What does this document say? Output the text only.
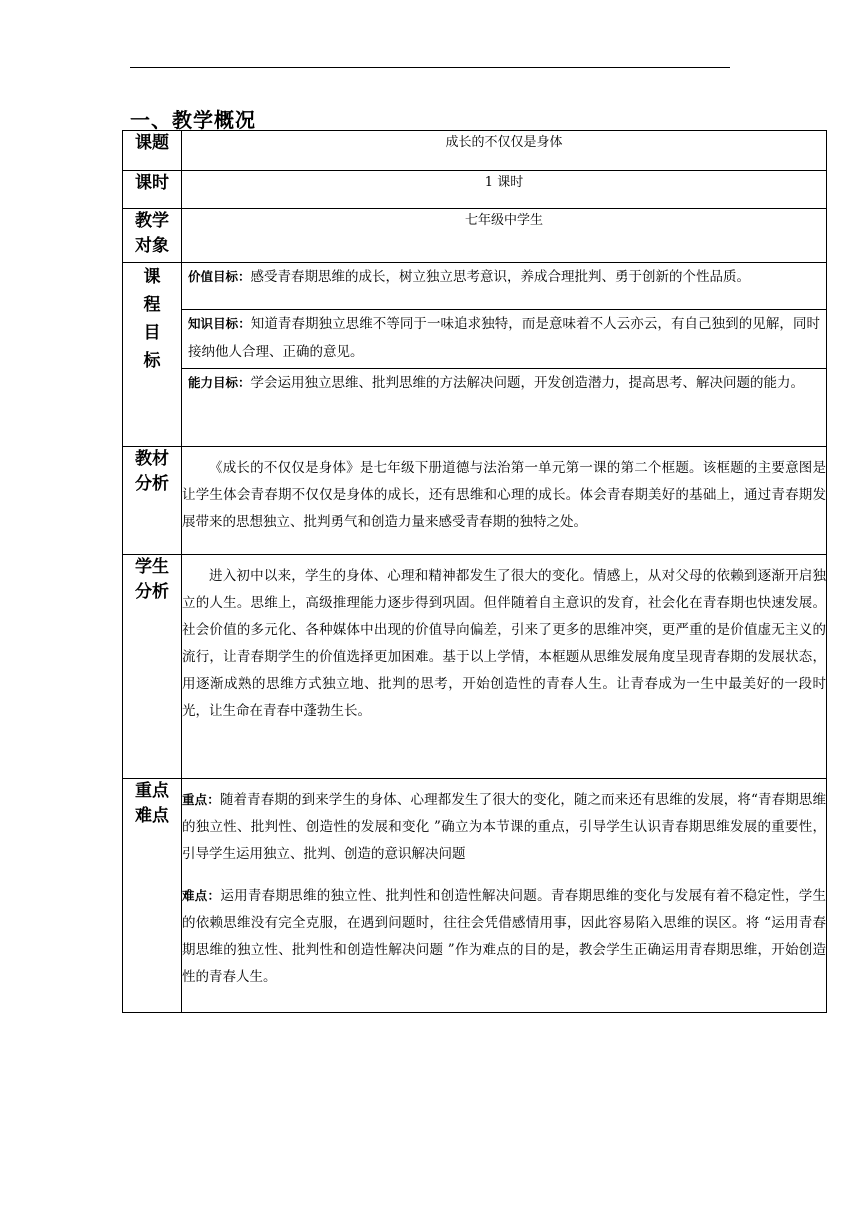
一、教学概况
课题	成长的不仅仅是身体
课时	1 课时
教学对象	七年级中学生
课程目标	价值目标：感受青春期思维的成长，树立独立思考意识，养成合理批判、勇于创新的个性品质。
知识目标：知道青春期独立思维不等同于一味追求独特，而是意味着不人云亦云，有自己独到的见解，同时接纳他人合理、正确的意见。
能力目标：学会运用独立思维、批判思维的方法解决问题，开发创造潜力，提高思考、解决问题的能力。

教材分析	《成长的不仅仅是身体》是七年级下册道德与法治第一单元第一课的第二个框题。该框题的主要意图是让学生体会青春期不仅仅是身体的成长，还有思维和心理的成长。体会青春期美好的基础上，通过青春期发展带来的思想独立、批判勇气和创造力量来感受青春期的独特之处。

学生分析	进入初中以来，学生的身体、心理和精神都发生了很大的变化。情感上，从对父母的依赖到逐渐开启独立的人生。思维上，高级推理能力逐步得到巩固。但伴随着自主意识的发育，社会化在青春期也快速发展。社会价值的多元化、各种媒体中出现的价值导向偏差，引来了更多的思维冲突，更严重的是价值虚无主义的流行，让青春期学生的价值选择更加困难。基于以上学情，本框题从思维发展角度呈现青春期的发展状态，用逐渐成熟的思维方式独立地、批判的思考，开始创造性的青春人生。让青春成为一生中最美好的一段时光，让生命在青春中蓬勃生长。

重点难点	重点：随着青春期的到来学生的身体、心理都发生了很大的变化，随之而来还有思维的发展，将“青春期思维的独立性、批判性、创造性的发展和变化 ”确立为本节课的重点，引导学生认识青春期思维发展的重要性，引导学生运用独立、批判、创造的意识解决问题
难点：运用青春期思维的独立性、批判性和创造性解决问题。青春期思维的变化与发展有着不稳定性，学生的依赖思维没有完全克服，在遇到问题时，往往会凭借感情用事，因此容易陷入思维的误区。将 “运用青春期思维的独立性、批判性和创造性解决问题 ”作为难点的目的是，教会学生正确运用青春期思维，开始创造性的青春人生。
